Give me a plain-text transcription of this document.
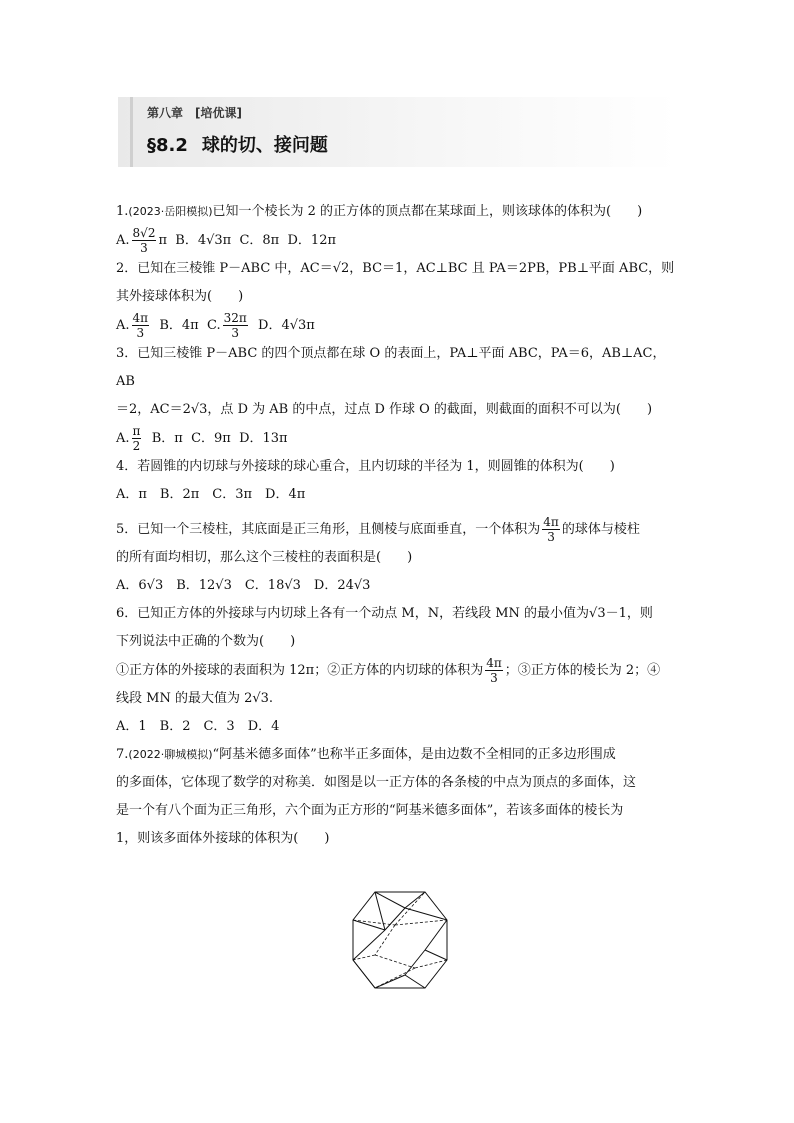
第八章　[培优课]
§8.2 球的切、接问题

1.(2023·岳阳模拟)已知一个棱长为 2 的正方体的顶点都在某球面上，则该球体的体积为(　　)

A. $\frac{8√2}{3}$ π B．4√3π C．8π D．12π

2．已知在三棱锥 P－ABC 中，AC＝√2，BC＝1，AC⊥BC 且 PA＝2PB，PB⊥平面 ABC，则
其外接球体积为(　　)

A. $\frac{4\pi}{3}$ B．4π C. $\frac{32\pi}{3}$ D．4√3π

3．已知三棱锥 P－ABC 的四个顶点都在球 O 的表面上，PA⊥平面 ABC，PA＝6，AB⊥AC，AB
＝2，AC＝2√3，点 D 为 AB 的中点，过点 D 作球 O 的截面，则截面的面积不可以为(　　)

A. $\frac{\pi}{2}$ B．π C．9π D．13π

4．若圆锥的内切球与外接球的球心重合，且内切球的半径为 1，则圆锥的体积为(　　)

A．π　B．2π　C．3π　D．4π

5．已知一个三棱柱，其底面是正三角形，且侧棱与底面垂直，一个体积为 $\frac{4\pi}{3}$ 的球体与棱柱
的所有面均相切，那么这个三棱柱的表面积是(　　)

A．6√3　B．12√3　C．18√3　D．24√3

6．已知正方体的外接球与内切球上各有一个动点 M，N，若线段 MN 的最小值为√3－1，则
下列说法中正确的个数为(　　)
①正方体的外接球的表面积为 12π；②正方体的内切球的体积为 $\frac{4\pi}{3}$ ；③正方体的棱长为 2；④
线段 MN 的最大值为 2√3.

A．1　B．2　C．3　D．4

7.(2022·聊城模拟)“阿基米德多面体”也称半正多面体，是由边数不全相同的正多边形围成
的多面体，它体现了数学的对称美．如图是以一正方体的各条棱的中点为顶点的多面体，这
是一个有八个面为正三角形，六个面为正方形的“阿基米德多面体”，若该多面体的棱长为
1，则该多面体外接球的体积为(　　)
